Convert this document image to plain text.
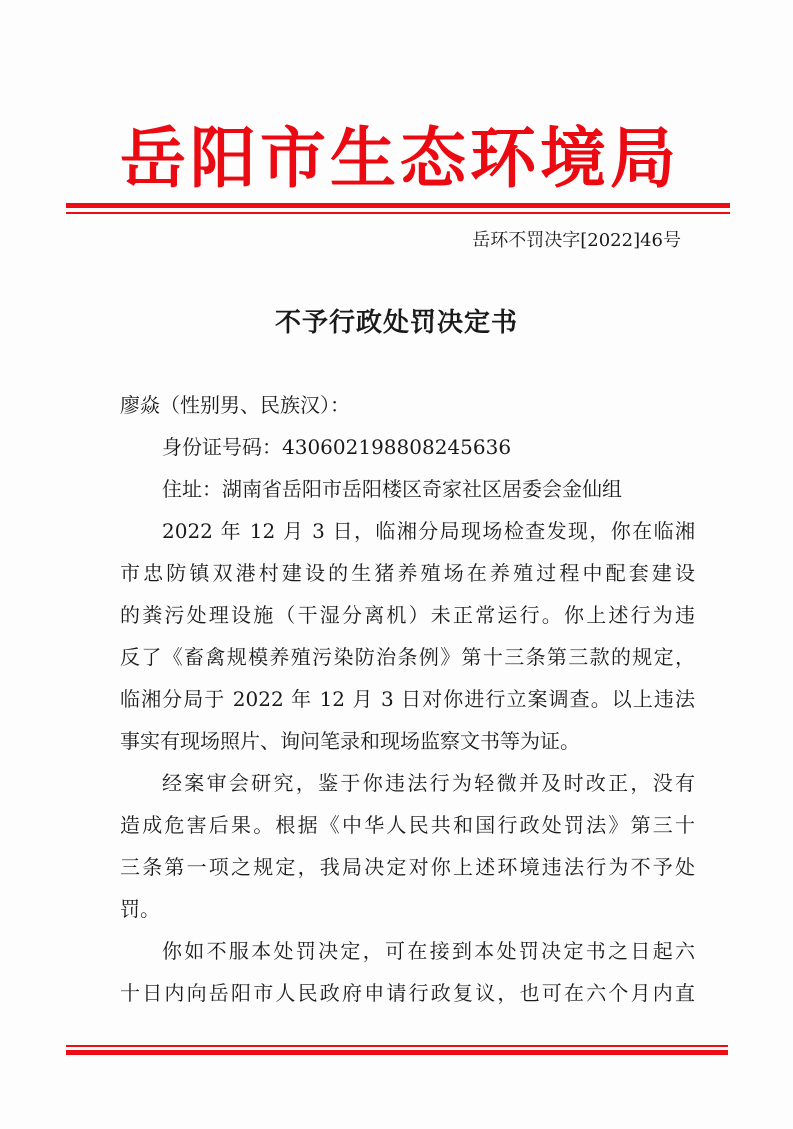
岳阳市生态环境局
岳环不罚决字[2022]46号
不予行政处罚决定书
廖焱（性别男、民族汉）：
身份证号码：430602198808245636
住址：湖南省岳阳市岳阳楼区奇家社区居委会金仙组
2022 年 12 月 3 日，临湘分局现场检查发现，你在临湘
市忠防镇双港村建设的生猪养殖场在养殖过程中配套建设
的粪污处理设施（干湿分离机）未正常运行。你上述行为违
反了《畜禽规模养殖污染防治条例》第十三条第三款的规定，
临湘分局于 2022 年 12 月 3 日对你进行立案调查。以上违法
事实有现场照片、询问笔录和现场监察文书等为证。
经案审会研究，鉴于你违法行为轻微并及时改正，没有
造成危害后果。根据《中华人民共和国行政处罚法》第三十
三条第一项之规定，我局决定对你上述环境违法行为不予处
罚。
你如不服本处罚决定，可在接到本处罚决定书之日起六
十日内向岳阳市人民政府申请行政复议，也可在六个月内直
